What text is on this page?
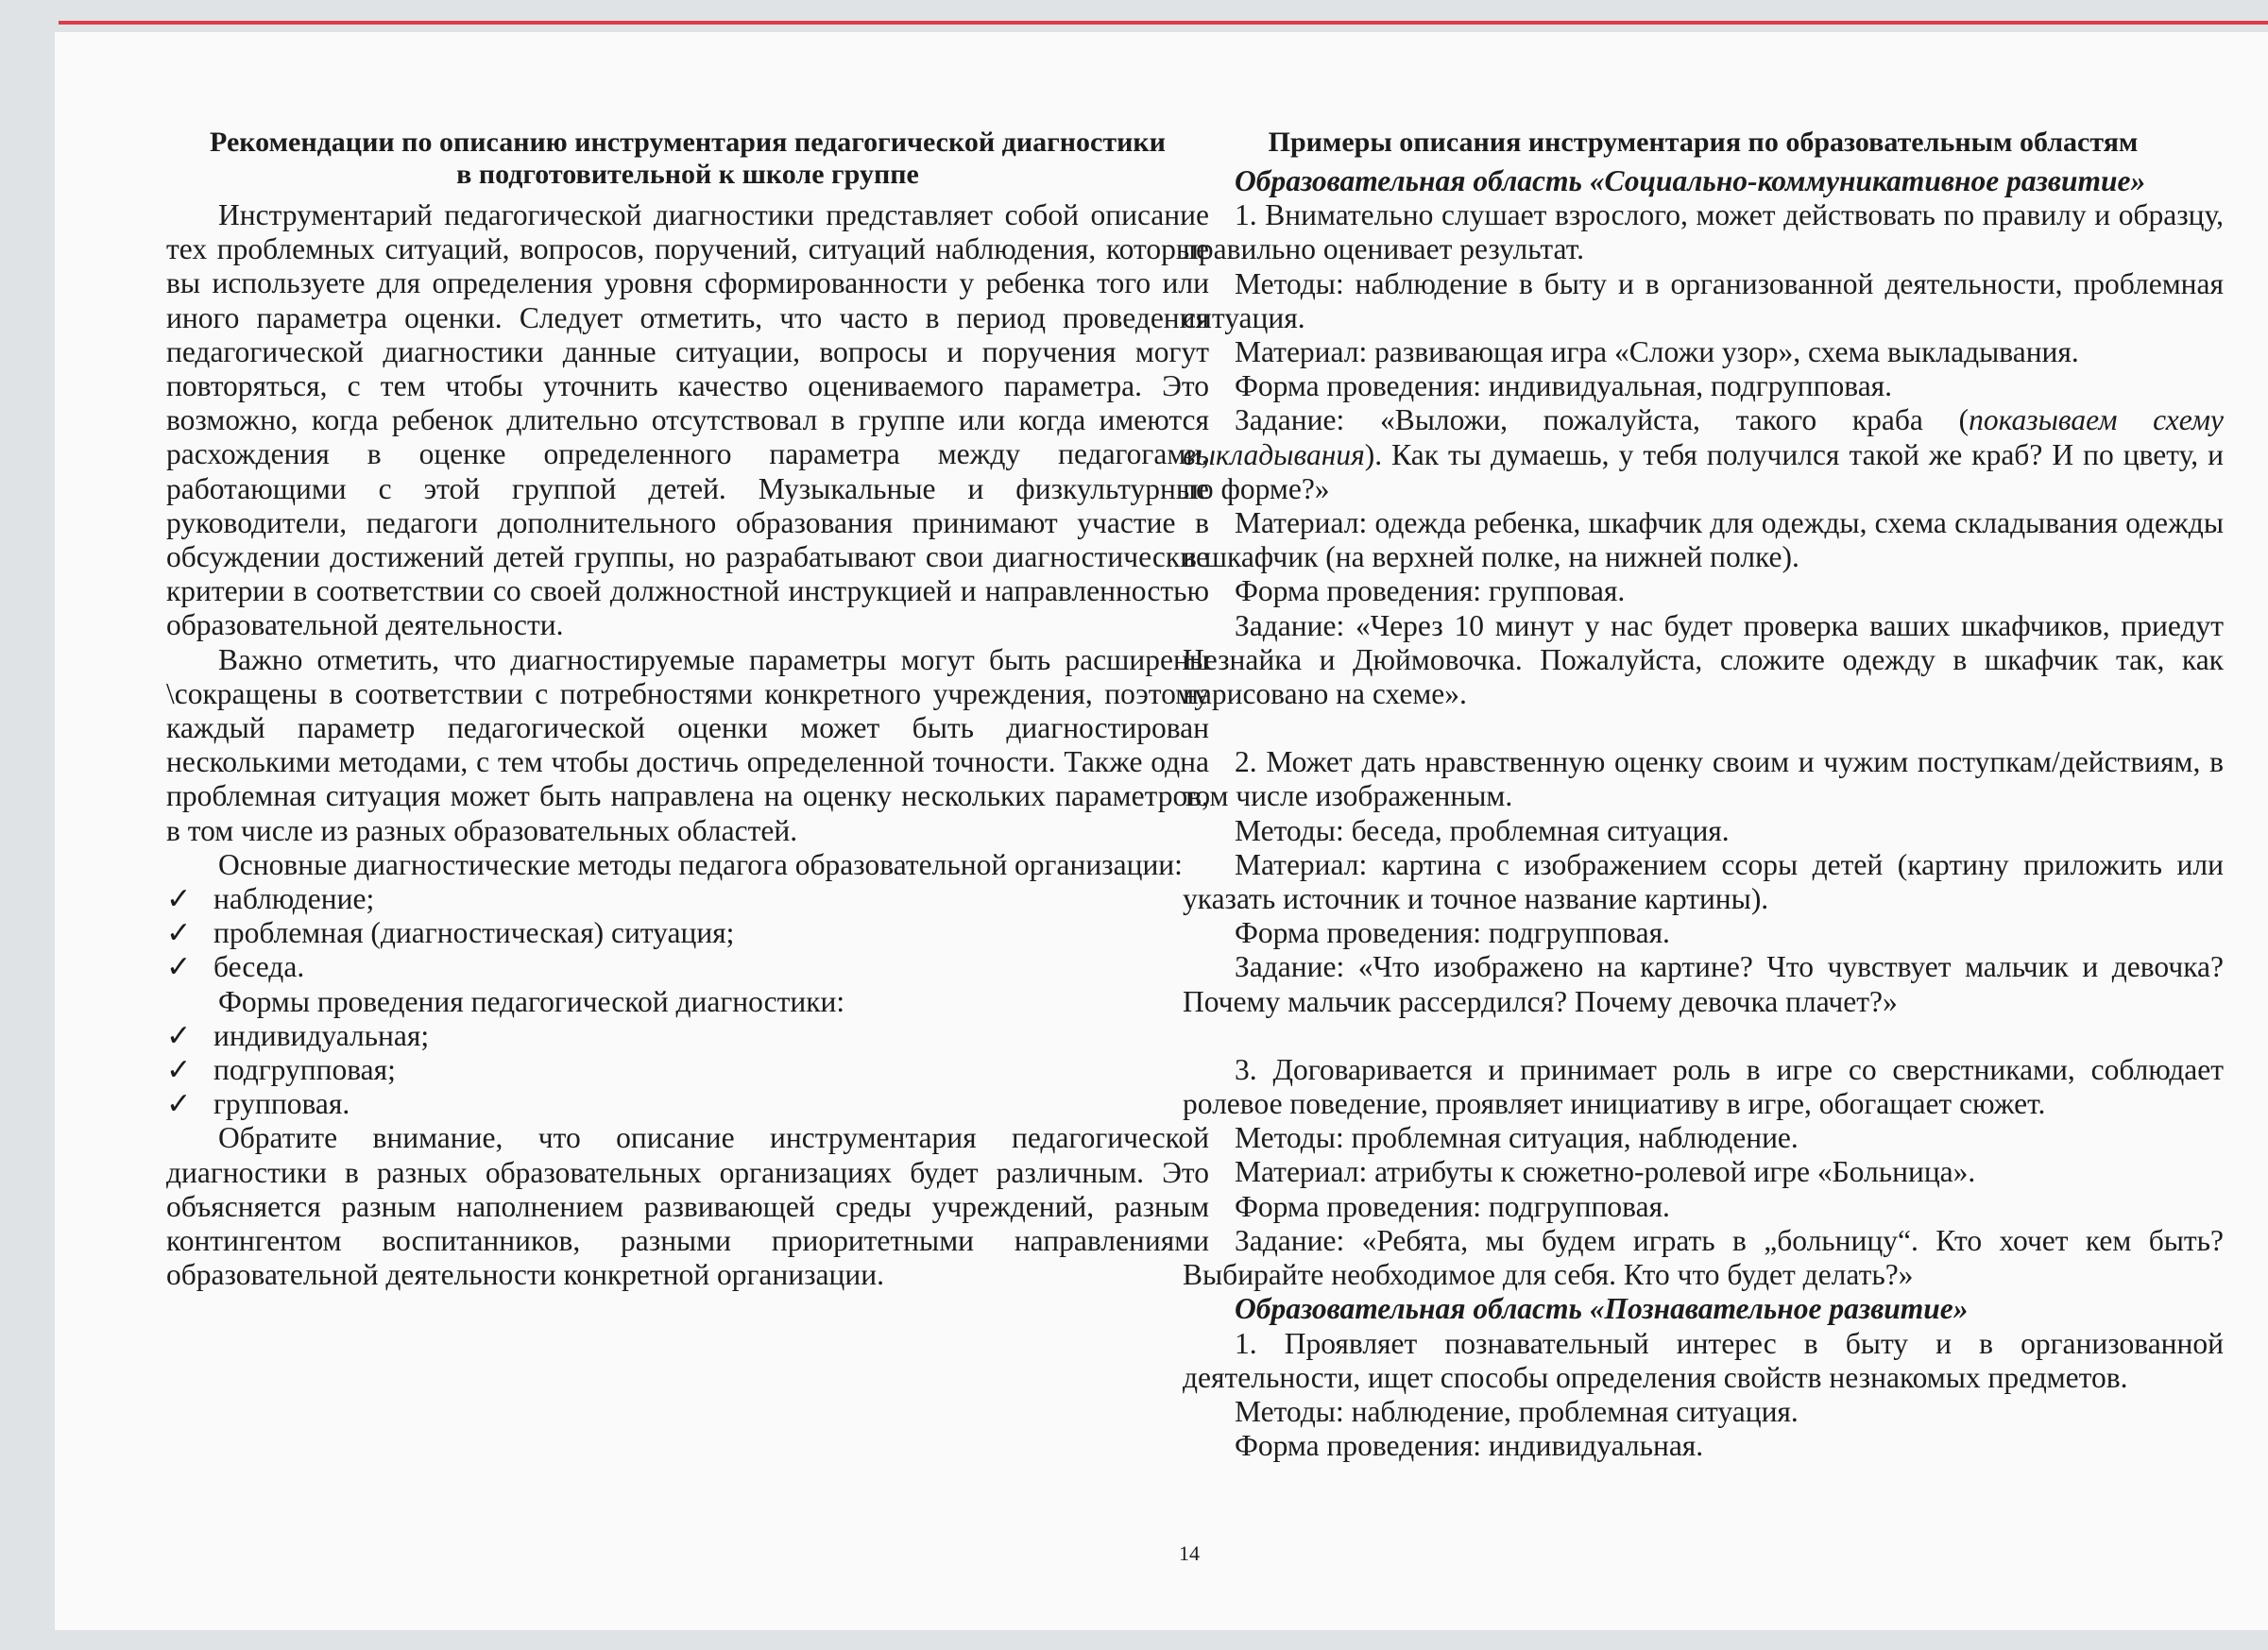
Рекомендации по описанию инструментария педагогической диагностики в подготовительной к школе группе

Инструментарий педагогической диагностики представляет собой описание тех проблемных ситуаций, вопросов, поручений, ситуаций наблюдения, которые вы используете для определения уровня сформированности у ребенка того или иного параметра оценки. Следует отметить, что часто в период проведения педагогической диагностики данные ситуации, вопросы и поручения могут повторяться, с тем чтобы уточнить качество оцениваемого параметра. Это возможно, когда ребенок длительно отсутствовал в группе или когда имеются расхождения в оценке определенного параметра между педагогами, работающими с этой группой детей. Музыкальные и физкультурные руководители, педагоги дополнительного образования принимают участие в обсуждении достижений детей группы, но разрабатывают свои диагностические критерии в соответствии со своей должностной инструкцией и направленностью образовательной деятельности.

Важно отметить, что диагностируемые параметры могут быть расширены \сокращены в соответствии с потребностями конкретного учреждения, поэтому каждый параметр педагогической оценки может быть диагностирован несколькими методами, с тем чтобы достичь определенной точности. Также одна проблемная ситуация может быть направлена на оценку нескольких параметров, в том числе из разных образовательных областей.

Основные диагностические методы педагога образовательной организации:

✓ наблюдение;
✓ проблемная (диагностическая) ситуация;
✓ беседа.

Формы проведения педагогической диагностики:

✓ индивидуальная;
✓ подгрупповая;
✓ групповая.

Обратите внимание, что описание инструментария педагогической диагностики в разных образовательных организациях будет различным. Это объясняется разным наполнением развивающей среды учреждений, разным контингентом воспитанников, разными приоритетными направлениями образовательной деятельности конкретной организации.

Примеры описания инструментария по образовательным областям
Образовательная область «Социально-коммуникативное развитие»

1. Внимательно слушает взрослого, может действовать по правилу и образцу, правильно оценивает результат.

Методы: наблюдение в быту и в организованной деятельности, проблемная ситуация.

Материал: развивающая игра «Сложи узор», схема выкладывания.

Форма проведения: индивидуальная, подгрупповая.

Задание: «Выложи, пожалуйста, такого краба (показываем схему выкладывания). Как ты думаешь, у тебя получился такой же краб? И по цвету, и по форме?»

Материал: одежда ребенка, шкафчик для одежды, схема складывания одежды в шкафчик (на верхней полке, на нижней полке).

Форма проведения: групповая.

Задание: «Через 10 минут у нас будет проверка ваших шкафчиков, приедут Незнайка и Дюймовочка. Пожалуйста, сложите одежду в шкафчик так, как нарисовано на схеме».

2. Может дать нравственную оценку своим и чужим поступкам/действиям, в том числе изображенным.

Методы: беседа, проблемная ситуация.

Материал: картина с изображением ссоры детей (картину приложить или указать источник и точное название картины).

Форма проведения: подгрупповая.

Задание: «Что изображено на картине? Что чувствует мальчик и девочка? Почему мальчик рассердился? Почему девочка плачет?»

3. Договаривается и принимает роль в игре со сверстниками, соблюдает ролевое поведение, проявляет инициативу в игре, обогащает сюжет.

Методы: проблемная ситуация, наблюдение.

Материал: атрибуты к сюжетно-ролевой игре «Больница».

Форма проведения: подгрупповая.

Задание: «Ребята, мы будем играть в „больницу“. Кто хочет кем быть? Выбирайте необходимое для себя. Кто что будет делать?»

Образовательная область «Познавательное развитие»

1. Проявляет познавательный интерес в быту и в организованной деятельности, ищет способы определения свойств незнакомых предметов.

Методы: наблюдение, проблемная ситуация.

Форма проведения: индивидуальная.

14
